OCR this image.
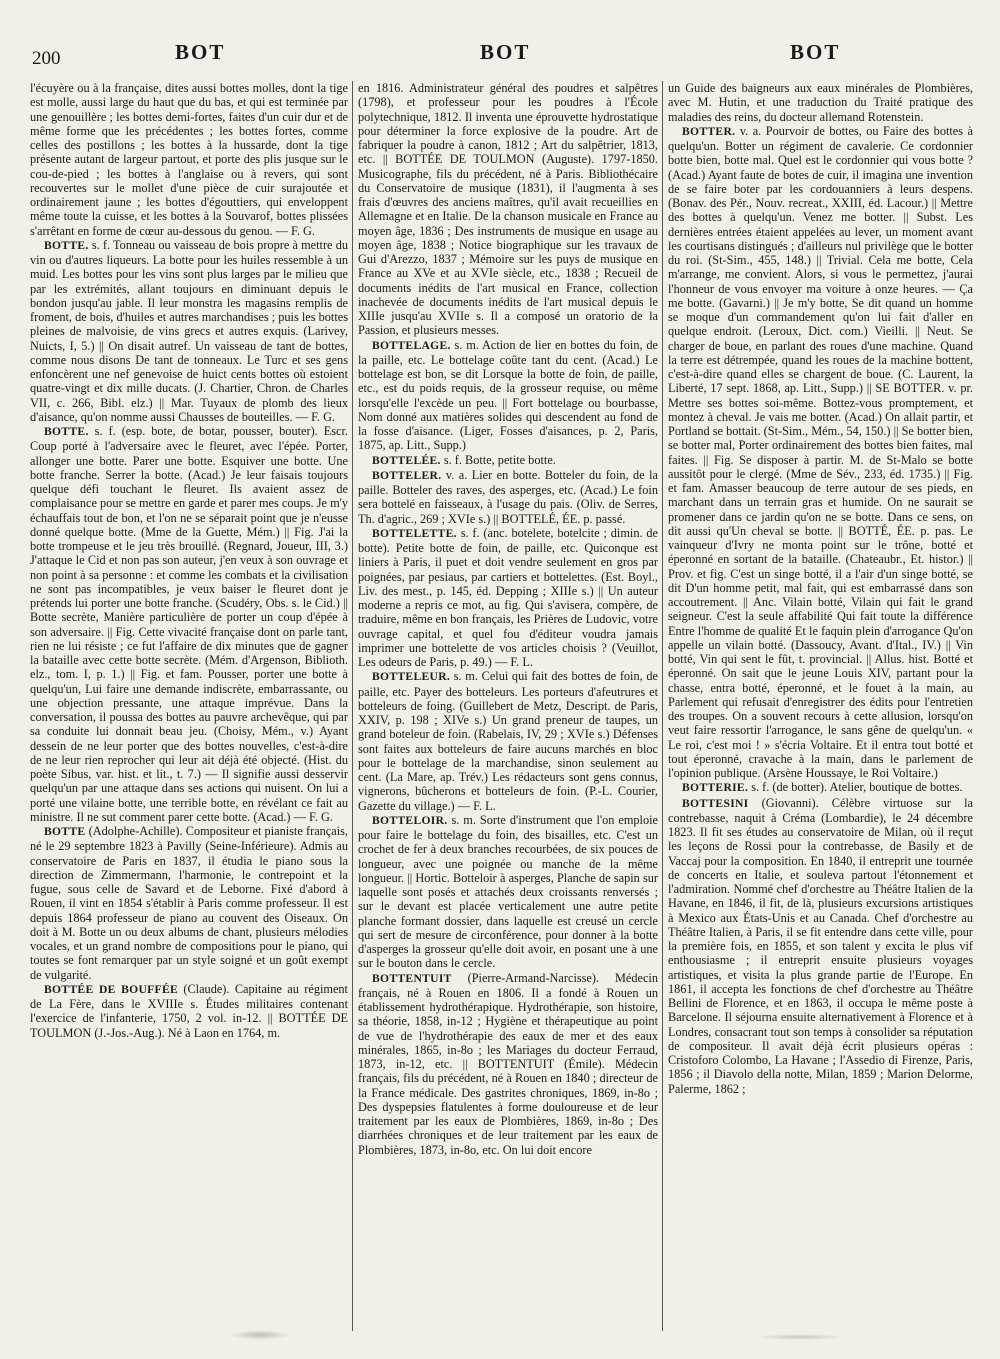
200	BOT	BOT	BOT

l'écuyère ou à la française, dites aussi bottes molles, dont la tige est molle, aussi large du haut que du bas, et qui est terminée par une genouillère ; les bottes demi-fortes, faites d'un cuir dur et de même forme que les précédentes ; les bottes fortes, comme celles des postillons ; les bottes à la hussarde, dont la tige présente autant de largeur partout, et porte des plis jusque sur le cou-de-pied ; les bottes à l'anglaise ou à revers, qui sont recouvertes sur le mollet d'une pièce de cuir surajoutée et ordinairement jaune ; les bottes d'égouttiers, qui enveloppent même toute la cuisse, et les bottes à la Souvarof, bottes plissées s'arrêtant en forme de cœur au-dessous du genou. — F. G.

BOTTE. s. f. Tonneau ou vaisseau de bois propre à mettre du vin ou d'autres liqueurs. La botte pour les huiles ressemble à un muid. Les bottes pour les vins sont plus larges par le milieu que par les extrémités, allant toujours en diminuant depuis le bondon jusqu'au jable. Il leur monstra les magasins remplis de froment, de bois, d'huiles et autres marchandises ; puis les bottes pleines de malvoisie, de vins grecs et autres exquis. (Larivey, Nuicts, I, 5.) || On disait autref. Un vaisseau de tant de bottes, comme nous disons De tant de tonneaux. Le Turc et ses gens enfoncèrent une nef genevoise de huict cents bottes où estoient quatre-vingt et dix mille ducats. (J. Chartier, Chron. de Charles VII, c. 266, Bibl. elz.) || Mar. Tuyaux de plomb des lieux d'aisance, qu'on nomme aussi Chausses de bouteilles. — F. G.

BOTTE. s. f. (esp. bote, de botar, pousser, bouter). Escr. Coup porté à l'adversaire avec le fleuret, avec l'épée. Porter, allonger une botte. Parer une botte. Esquiver une botte. Une botte franche. Serrer la botte. (Acad.) Je leur faisais toujours quelque défi touchant le fleuret. Ils avaient assez de complaisance pour se mettre en garde et parer mes coups. Je m'y échauffais tout de bon, et l'on ne se séparait point que je n'eusse donné quelque botte. (Mme de la Guette, Mém.) || Fig. J'ai la botte trompeuse et le jeu très brouillé. (Regnard, Joueur, III, 3.) J'attaque le Cid et non pas son auteur, j'en veux à son ouvrage et non point à sa personne : et comme les combats et la civilisation ne sont pas incompatibles, je veux baiser le fleuret dont je prétends lui porter une botte franche. (Scudéry, Obs. s. le Cid.) || Botte secrète, Manière particulière de porter un coup d'épée à son adversaire. || Fig. Cette vivacité française dont on parle tant, rien ne lui résiste ; ce fut l'affaire de dix minutes que de gagner la bataille avec cette botte secrète. (Mém. d'Argenson, Biblioth. elz., tom. I, p. 1.) || Fig. et fam. Pousser, porter une botte à quelqu'un, Lui faire une demande indiscrète, embarrassante, ou une objection pressante, une attaque imprévue. Dans la conversation, il poussa des bottes au pauvre archevêque, qui par sa conduite lui donnait beau jeu. (Choisy, Mém., v.) Ayant dessein de ne leur porter que des bottes nouvelles, c'est-à-dire de ne leur rien reprocher qui leur ait déjà été objecté. (Hist. du poète Sibus, var. hist. et lit., t. 7.) — Il signifie aussi desservir quelqu'un par une attaque dans ses actions qui nuisent. On lui a porté une vilaine botte, une terrible botte, en révélant ce fait au ministre. Il ne sut comment parer cette botte. (Acad.) — F. G.

BOTTE (Adolphe-Achille). Compositeur et pianiste français, né le 29 septembre 1823 à Pavilly (Seine-Inférieure). Admis au conservatoire de Paris en 1837, il étudia le piano sous la direction de Zimmermann, l'harmonie, le contrepoint et la fugue, sous celle de Savard et de Leborne. Fixé d'abord à Rouen, il vint en 1854 s'établir à Paris comme professeur. Il est depuis 1864 professeur de piano au couvent des Oiseaux. On doit à M. Botte un ou deux albums de chant, plusieurs mélodies vocales, et un grand nombre de compositions pour le piano, qui toutes se font remarquer par un style soigné et un goût exempt de vulgarité.

BOTTÉE DE BOUFFÉE (Claude). Capitaine au régiment de La Fère, dans le XVIIIe s. Études militaires contenant l'exercice de l'infanterie, 1750, 2 vol. in-12. || BOTTÉE DE TOULMON (J.-Jos.-Aug.). Né à Laon en 1764, m.

en 1816. Administrateur général des poudres et salpêtres (1798), et professeur pour les poudres à l'École polytechnique, 1812. Il inventa une éprouvette hydrostatique pour déterminer la force explosive de la poudre. Art de fabriquer la poudre à canon, 1812 ; Art du salpêtrier, 1813, etc. || BOTTÉE DE TOULMON (Auguste). 1797-1850. Musicographe, fils du précédent, né à Paris. Bibliothécaire du Conservatoire de musique (1831), il l'augmenta à ses frais d'œuvres des anciens maîtres, qu'il avait recueillies en Allemagne et en Italie. De la chanson musicale en France au moyen âge, 1836 ; Des instruments de musique en usage au moyen âge, 1838 ; Notice biographique sur les travaux de Gui d'Arezzo, 1837 ; Mémoire sur les puys de musique en France au XVe et au XVIe siècle, etc., 1838 ; Recueil de documents inédits de l'art musical en France, collection inachevée de documents inédits de l'art musical depuis le XIIIe jusqu'au XVIIe s. Il a composé un oratorio de la Passion, et plusieurs messes.

BOTTELAGE. s. m. Action de lier en bottes du foin, de la paille, etc. Le bottelage coûte tant du cent. (Acad.) Le bottelage est bon, se dit Lorsque la botte de foin, de paille, etc., est du poids requis, de la grosseur requise, ou même lorsqu'elle l'excède un peu. || Fort bottelage ou bourbasse, Nom donné aux matières solides qui descendent au fond de la fosse d'aisance. (Liger, Fosses d'aisances, p. 2, Paris, 1875, ap. Litt., Supp.)

BOTTELÉE. s. f. Botte, petite botte.

BOTTELER. v. a. Lier en botte. Botteler du foin, de la paille. Botteler des raves, des asperges, etc. (Acad.) Le foin sera bottelé en faisseaux, à l'usage du pais. (Oliv. de Serres, Th. d'agric., 269 ; XVIe s.) || BOTTELÉ, ÉE. p. passé.

BOTTELETTE. s. f. (anc. botelete, botelcite ; dimin. de botte). Petite botte de foin, de paille, etc. Quiconque est liniers à Paris, il puet et doit vendre seulement en gros par poignées, par pesiaus, par cartiers et bottelettes. (Est. Boyl., Liv. des mest., p. 145, éd. Depping ; XIIIe s.) || Un auteur moderne a repris ce mot, au fig. Qui s'avisera, compère, de traduire, même en bon français, les Prières de Ludovic, votre ouvrage capital, et quel fou d'éditeur voudra jamais imprimer une bottelette de vos articles choisis ? (Veuillot, Les odeurs de Paris, p. 49.) — F. L.

BOTTELEUR. s. m. Celui qui fait des bottes de foin, de paille, etc. Payer des botteleurs. Les porteurs d'afeutrures et botteleurs de foing. (Guillebert de Metz, Descript. de Paris, XXIV, p. 198 ; XIVe s.) Un grand preneur de taupes, un grand boteleur de foin. (Rabelais, IV, 29 ; XVIe s.) Défenses sont faites aux botteleurs de faire aucuns marchés en bloc pour le bottelage de la marchandise, sinon seulement au cent. (La Mare, ap. Trév.) Les rédacteurs sont gens connus, vignerons, bûcherons et botteleurs de foin. (P.-L. Courier, Gazette du village.) — F. L.

BOTTELOIR. s. m. Sorte d'instrument que l'on emploie pour faire le bottelage du foin, des bisailles, etc. C'est un crochet de fer à deux branches recourbées, de six pouces de longueur, avec une poignée ou manche de la même longueur. || Hortic. Botteloir à asperges, Planche de sapin sur laquelle sont posés et attachés deux croissants renversés ; sur le devant est placée verticalement une autre petite planche formant dossier, dans laquelle est creusé un cercle qui sert de mesure de circonférence, pour donner à la botte d'asperges la grosseur qu'elle doit avoir, en posant une à une sur le bouton dans le cercle.

BOTTENTUIT (Pierre-Armand-Narcisse). Médecin français, né à Rouen en 1806. Il a fondé à Rouen un établissement hydrothérapique. Hydrothérapie, son histoire, sa théorie, 1858, in-12 ; Hygiène et thérapeutique au point de vue de l'hydrothérapie des eaux de mer et des eaux minérales, 1865, in-8o ; les Mariages du docteur Ferraud, 1873, in-12, etc. || BOTTENTUIT (Émile). Médecin français, fils du précédent, né à Rouen en 1840 ; directeur de la France médicale. Des gastrites chroniques, 1869, in-8o ; Des dyspepsies flatulentes à forme douloureuse et de leur traitement par les eaux de Plombières, 1869, in-8o ; Des diarrhées chroniques et de leur traitement par les eaux de Plombières, 1873, in-8o, etc. On lui doit encore

un Guide des baigneurs aux eaux minérales de Plombières, avec M. Hutin, et une traduction du Traité pratique des maladies des reins, du docteur allemand Rotenstein.

BOTTER. v. a. Pourvoir de bottes, ou Faire des bottes à quelqu'un. Botter un régiment de cavalerie. Ce cordonnier botte bien, botte mal. Quel est le cordonnier qui vous botte ? (Acad.) Ayant faute de botes de cuir, il imagina une invention de se faire boter par les cordouanniers à leurs despens. (Bonav. des Pér., Nouv. recreat., XXIII, éd. Lacour.) || Mettre des bottes à quelqu'un. Venez me botter. || Subst. Les dernières entrées étaient appelées au lever, un moment avant les courtisans distingués ; d'ailleurs nul privilège que le botter du roi. (St-Sim., 455, 148.) || Trivial. Cela me botte, Cela m'arrange, me convient. Alors, si vous le permettez, j'aurai l'honneur de vous envoyer ma voiture à onze heures. — Ça me botte. (Gavarni.) || Je m'y botte, Se dit quand un homme se moque d'un commandement qu'on lui fait d'aller en quelque endroit. (Leroux, Dict. com.) Vieilli. || Neut. Se charger de boue, en parlant des roues d'une machine. Quand la terre est détrempée, quand les roues de la machine bottent, c'est-à-dire quand elles se chargent de boue. (C. Laurent, la Liberté, 17 sept. 1868, ap. Litt., Supp.) || SE BOTTER. v. pr. Mettre ses bottes soi-même. Bottez-vous promptement, et montez à cheval. Je vais me botter. (Acad.) On allait partir, et Portland se bottait. (St-Sim., Mém., 54, 150.) || Se botter bien, se botter mal, Porter ordinairement des bottes bien faites, mal faites. || Fig. Se disposer à partir. M. de St-Malo se botte aussitôt pour le clergé. (Mme de Sév., 233, éd. 1735.) || Fig. et fam. Amasser beaucoup de terre autour de ses pieds, en marchant dans un terrain gras et humide. On ne saurait se promener dans ce jardin qu'on ne se botte. Dans ce sens, on dit aussi qu'Un cheval se botte. || BOTTÉ, ÉE. p. pas. Le vainqueur d'Ivry ne monta point sur le trône, botté et éperonné en sortant de la bataille. (Chateaubr., Et. histor.) || Prov. et fig. C'est un singe botté, il a l'air d'un singe botté, se dit D'un homme petit, mal fait, qui est embarrassé dans son accoutrement. || Anc. Vilain botté, Vilain qui fait le grand seigneur. C'est la seule affabilité Qui fait toute la différence Entre l'homme de qualité Et le faquin plein d'arrogance Qu'on appelle un vilain botté. (Dassoucy, Avant. d'Ital., IV.) || Vin botté, Vin qui sent le fût, t. provincial. || Allus. hist. Botté et éperonné. On sait que le jeune Louis XIV, partant pour la chasse, entra botté, éperonné, et le fouet à la main, au Parlement qui refusait d'enregistrer des édits pour l'entretien des troupes. On a souvent recours à cette allusion, lorsqu'on veut faire ressortir l'arrogance, le sans gêne de quelqu'un. « Le roi, c'est moi ! » s'écria Voltaire. Et il entra tout botté et tout éperonné, cravache à la main, dans le parlement de l'opinion publique. (Arsène Houssaye, le Roi Voltaire.)

BOTTERIE. s. f. (de botter). Atelier, boutique de bottes.

BOTTESINI (Giovanni). Célèbre virtuose sur la contrebasse, naquit à Créma (Lombardie), le 24 décembre 1823. Il fit ses études au conservatoire de Milan, où il reçut les leçons de Rossi pour la contrebasse, de Basily et de Vaccaj pour la composition. En 1840, il entreprit une tournée de concerts en Italie, et souleva partout l'étonnement et l'admiration. Nommé chef d'orchestre au Théâtre Italien de la Havane, en 1846, il fit, de là, plusieurs excursions artistiques à Mexico aux États-Unis et au Canada. Chef d'orchestre au Théâtre Italien, à Paris, il se fit entendre dans cette ville, pour la première fois, en 1855, et son talent y excita le plus vif enthousiasme ; il entreprit ensuite plusieurs voyages artistiques, et visita la plus grande partie de l'Europe. En 1861, il accepta les fonctions de chef d'orchestre au Théâtre Bellini de Florence, et en 1863, il occupa le même poste à Barcelone. Il séjourna ensuite alternativement à Florence et à Londres, consacrant tout son temps à consolider sa réputation de compositeur. Il avait déjà écrit plusieurs opéras : Cristoforo Colombo, La Havane ; l'Assedio di Firenze, Paris, 1856 ; il Diavolo della notte, Milan, 1859 ; Marion Delorme, Palerme, 1862 ;
